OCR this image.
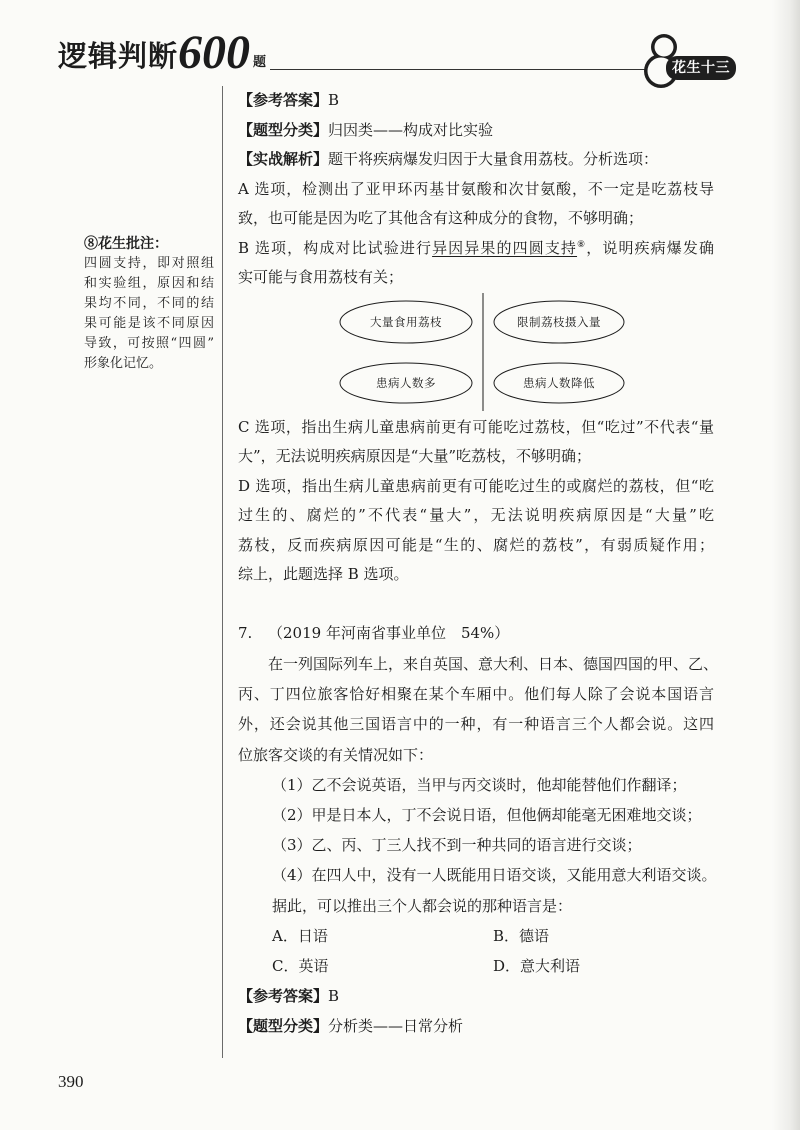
逻辑判断 600 题	花生十三
⑧花生批注：
四圆支持，即对照组
和实验组，原因和结
果均不同，不同的结
果可能是该不同原因
导致，可按照“四圆”
形象化记忆。
【参考答案】B
【题型分类】归因类——构成对比实验
【实战解析】题干将疾病爆发归因于大量食用荔枝。分析选项：
A 选项，检测出了亚甲环丙基甘氨酸和次甘氨酸，不一定是吃荔枝导
致，也可能是因为吃了其他含有这种成分的食物，不够明确；
B 选项，构成对比试验进行异因异果的四圆支持⑧，说明疾病爆发确
实可能与食用荔枝有关；
大量食用荔枝
患病人数多
限制荔枝摄入量
患病人数降低
C 选项，指出生病儿童患病前更有可能吃过荔枝，但“吃过”不代表“量
大”，无法说明疾病原因是“大量”吃荔枝，不够明确；
D 选项，指出生病儿童患病前更有可能吃过生的或腐烂的荔枝，但“吃
过生的、腐烂的”不代表“量大”，无法说明疾病原因是“大量”吃
荔枝，反而疾病原因可能是“生的、腐烂的荔枝”，有弱质疑作用；
综上，此题选择 B 选项。
7. （2019 年河南省事业单位　54%）
在一列国际列车上，来自英国、意大利、日本、德国四国的甲、乙、
丙、丁四位旅客恰好相聚在某个车厢中。他们每人除了会说本国语言
外，还会说其他三国语言中的一种，有一种语言三个人都会说。这四
位旅客交谈的有关情况如下：
（1）乙不会说英语，当甲与丙交谈时，他却能替他们作翻译；
（2）甲是日本人，丁不会说日语，但他俩却能毫无困难地交谈；
（3）乙、丙、丁三人找不到一种共同的语言进行交谈；
（4）在四人中，没有一人既能用日语交谈，又能用意大利语交谈。
据此，可以推出三个人都会说的那种语言是：
A．日语	B．德语
C．英语	D．意大利语
【参考答案】B
【题型分类】分析类——日常分析
390
